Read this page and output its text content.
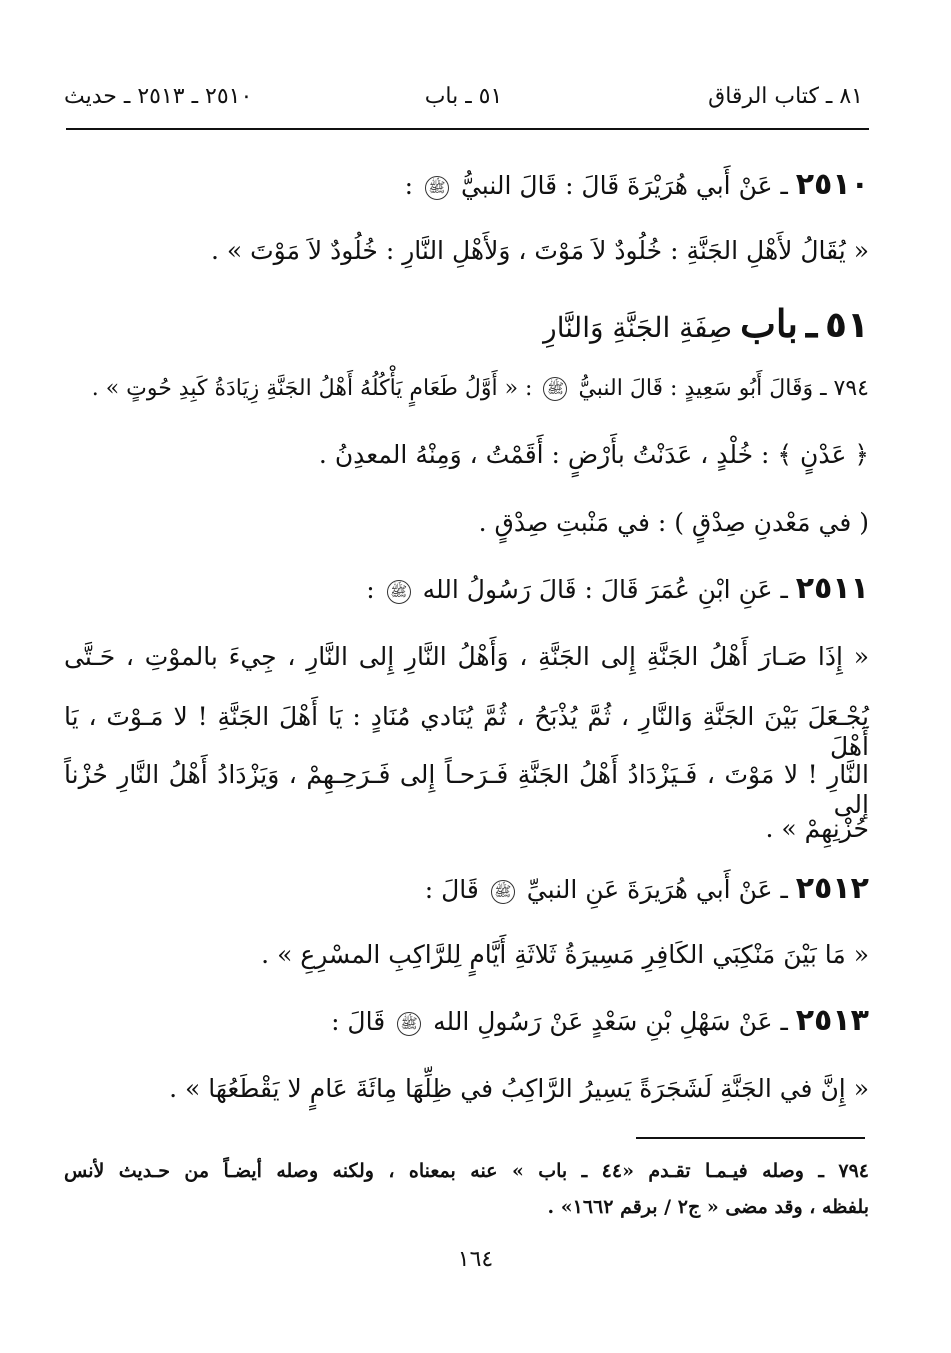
٨١ ـ كتاب الرقاق
٥١ ـ باب
٢٥١٠ ـ ٢٥١٣ ـ حديث
٢٥١٠ ـ عَنْ أَبي هُرَيْرَةَ قَالَ : قَالَ النبيُّ ﷺ :
« يُقَالُ لأَهْلِ الجَنَّةِ : خُلُودٌ لاَ مَوْتَ ، وَلأَهْلِ النَّارِ : خُلُودٌ لاَ مَوْتَ » .
٥١ ـ باب صِفَةِ الجَنَّةِ وَالنَّارِ
٧٩٤ ـ وَقَالَ أَبُو سَعِيدٍ : قَالَ النبيُّ ﷺ : « أَوَّلُ طَعَامٍ يَأْكُلُهُ أَهْلُ الجَنَّةِ زِيَادَةُ كَبِدِ حُوتٍ » .
﴿ عَدْنٍ ﴾ : خُلْدٍ ، عَدَنْتُ بأَرْضٍ : أَقَمْتُ ، وَمِنْهُ المعدِنُ .
( في مَعْدنِ صِدْقٍ ) : في مَنْبتِ صِدْقٍ .
٢٥١١ ـ عَنِ ابْنِ عُمَرَ قَالَ : قَالَ رَسُولُ الله ﷺ :
« إِذَا صَـارَ أَهْلُ الجَنَّةِ إِلى الجَنَّةِ ، وَأَهْلُ النَّارِ إِلى النَّارِ ، جِيءَ بالموْتِ ، حَـتَّى
يُجْـعَلَ بَيْنَ الجَنَّةِ وَالنَّارِ ، ثُمَّ يُذْبَحُ ، ثُمَّ يُنَادي مُنَادٍ : يَا أَهْلَ الجَنَّةِ ! لا مَـوْتَ ، يَا أَهْلَ
النَّارِ ! لا مَوْتَ ، فَـيَزْدَادُ أَهْلُ الجَنَّةِ فَـرَحـاً إِلى فَـرَحِـهِمْ ، وَيَزْدَادُ أَهْلُ النَّارِ حُزْناً إلى
حُزْنِهِمْ » .
٢٥١٢ ـ عَنْ أَبي هُرَيرَةَ عَنِ النبيِّ ﷺ قَالَ :
« مَا بَيْنَ مَنْكِبَي الكَافِرِ مَسِيرَةُ ثَلاثَةِ أَيَّامٍ لِلرَّاكِبِ المسْرِعِ » .
٢٥١٣ ـ عَنْ سَهْلِ بْنِ سَعْدٍ عَنْ رَسُولِ الله ﷺ قَالَ :
« إِنَّ في الجَنَّةِ لَشَجَرَةً يَسِيرُ الرَّاكِبُ في ظِلِّهَا مِائَةَ عَامٍ لا يَقْطَعُهَا » .
٧٩٤ ـ وصله فيـمـا تقـدم «٤٤ ـ باب » عنه بمعناه ، ولكنه وصله أيضـاً من حـديث لأنس
بلفظه ، وقد مضى « ج٢ / برقم ١٦٦٢» .
١٦٤
